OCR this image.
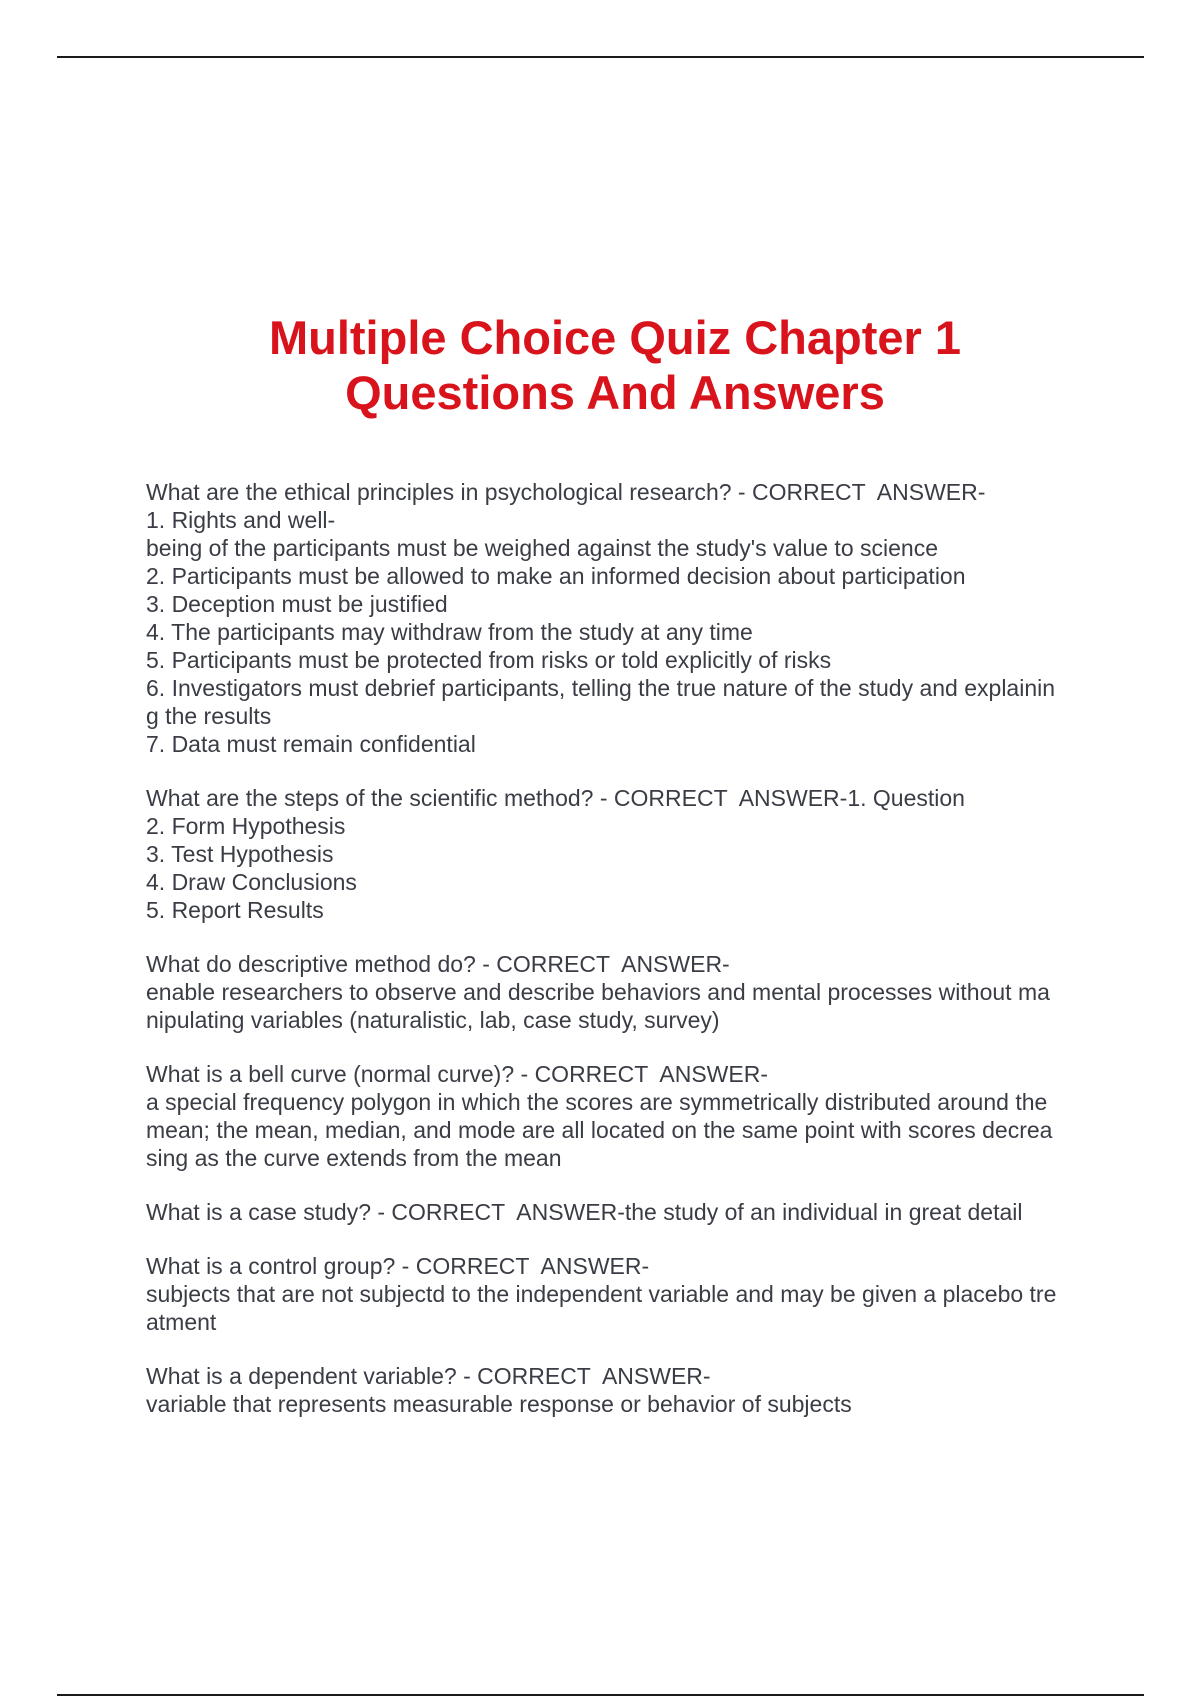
Multiple Choice Quiz Chapter 1
Questions And Answers
What are the ethical principles in psychological research? - CORRECT  ANSWER-
1. Rights and well-
being of the participants must be weighed against the study's value to science
2. Participants must be allowed to make an informed decision about participation
3. Deception must be justified
4. The participants may withdraw from the study at any time
5. Participants must be protected from risks or told explicitly of risks
6. Investigators must debrief participants, telling the true nature of the study and explainin
g the results
7. Data must remain confidential
What are the steps of the scientific method? - CORRECT  ANSWER-1. Question
2. Form Hypothesis
3. Test Hypothesis
4. Draw Conclusions
5. Report Results
What do descriptive method do? - CORRECT  ANSWER-
enable researchers to observe and describe behaviors and mental processes without ma
nipulating variables (naturalistic, lab, case study, survey)
What is a bell curve (normal curve)? - CORRECT  ANSWER-
a special frequency polygon in which the scores are symmetrically distributed around the
mean; the mean, median, and mode are all located on the same point with scores decrea
sing as the curve extends from the mean
What is a case study? - CORRECT  ANSWER-the study of an individual in great detail
What is a control group? - CORRECT  ANSWER-
subjects that are not subjectd to the independent variable and may be given a placebo tre
atment
What is a dependent variable? - CORRECT  ANSWER-
variable that represents measurable response or behavior of subjects
